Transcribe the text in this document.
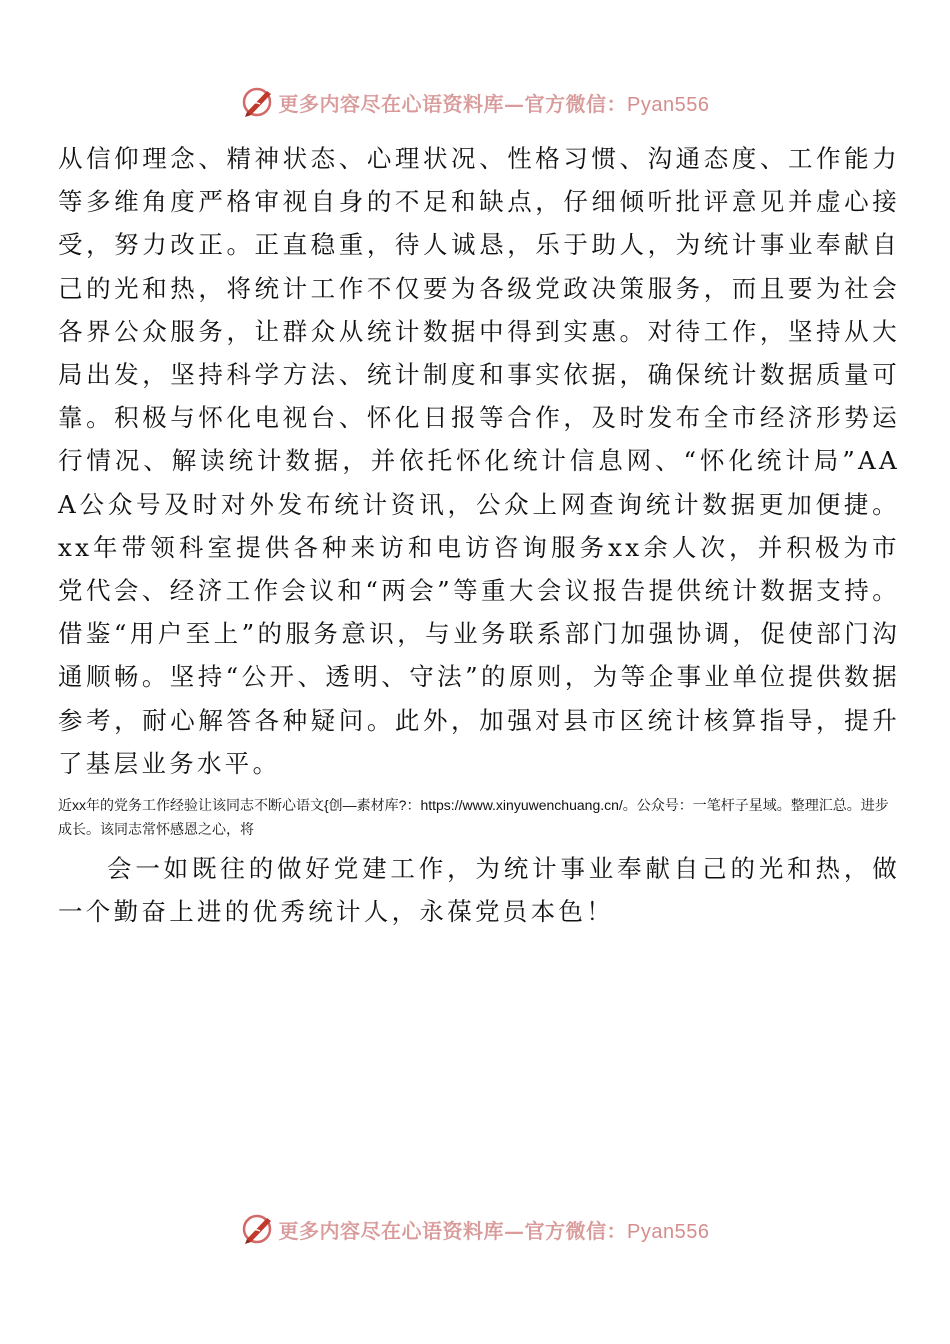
更多内容尽在心语资料库—官方微信：Pyan556

从信仰理念、精神状态、心理状况、性格习惯、沟通态度、工作能力等多维角度严格审视自身的不足和缺点，仔细倾听批评意见并虚心接受，努力改正。正直稳重，待人诚恳，乐于助人，为统计事业奉献自己的光和热，将统计工作不仅要为各级党政决策服务，而且要为社会各界公众服务，让群众从统计数据中得到实惠。对待工作，坚持从大局出发，坚持科学方法、统计制度和事实依据，确保统计数据质量可靠。积极与怀化电视台、怀化日报等合作，及时发布全市经济形势运行情况、解读统计数据，并依托怀化统计信息网、“怀化统计局”AAA公众号及时对外发布统计资讯，公众上网查询统计数据更加便捷。xx年带领科室提供各种来访和电访咨询服务xx余人次，并积极为市党代会、经济工作会议和“两会”等重大会议报告提供统计数据支持。借鉴“用户至上”的服务意识，与业务联系部门加强协调，促使部门沟通顺畅。坚持“公开、透明、守法”的原则，为等企事业单位提供数据参考，耐心解答各种疑问。此外，加强对县市区统计核算指导，提升了基层业务水平。

近xx年的党务工作经验让该同志不断心语文{创—素材库?：https://www.xinyuwenchuang.cn/。公众号：一笔杆子星域。整理汇总。进步成长。该同志常怀感恩之心，将

会一如既往的做好党建工作，为统计事业奉献自己的光和热，做一个勤奋上进的优秀统计人，永葆党员本色！

更多内容尽在心语资料库—官方微信：Pyan556
